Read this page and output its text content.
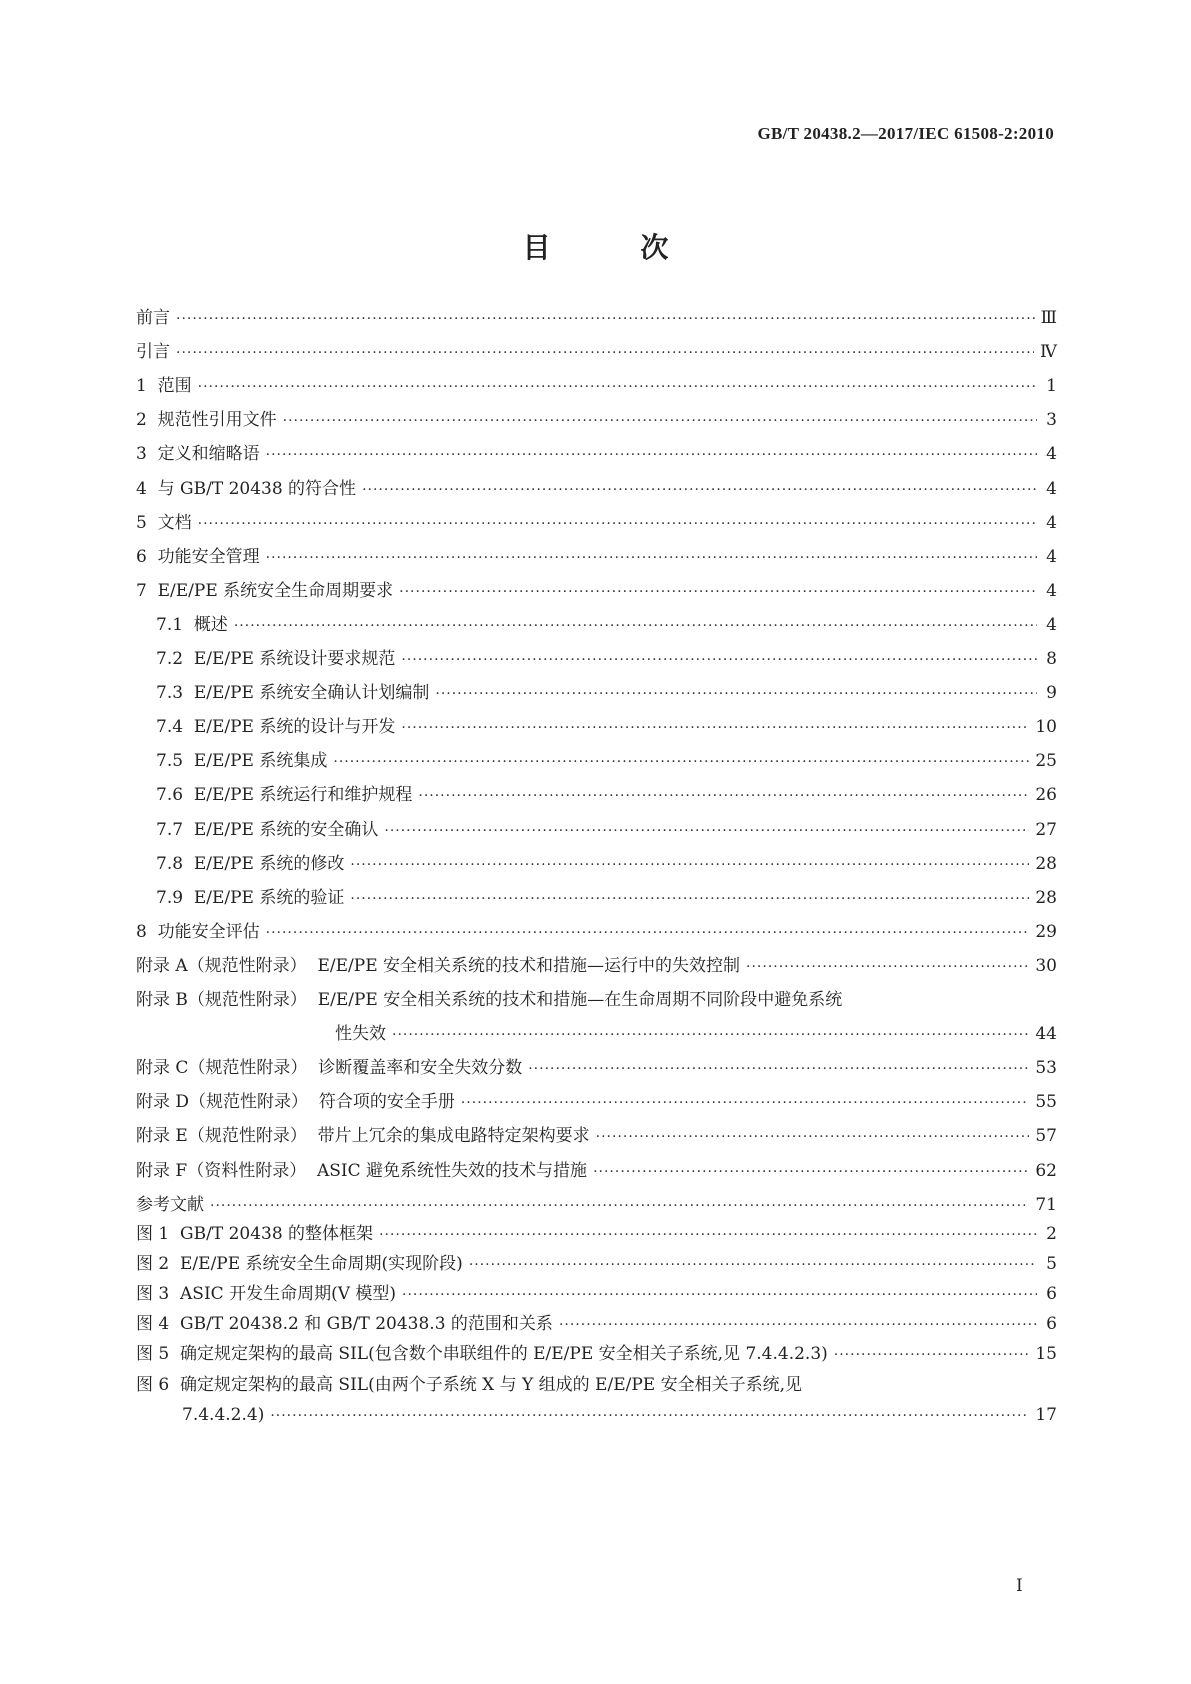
GB/T 20438.2—2017/IEC 61508-2:2010
目 次
前言 ·····	Ⅲ
引言 ·····	Ⅳ
1  范围 ·····	1
2  规范性引用文件 ·····	3
3  定义和缩略语 ·····	4
4  与 GB/T 20438 的符合性 ·····	4
5  文档 ·····	4
6  功能安全管理 ·····	4
7  E/E/PE 系统安全生命周期要求 ·····	4
7.1  概述 ·····	4
7.2  E/E/PE 系统设计要求规范 ·····	8
7.3  E/E/PE 系统安全确认计划编制 ·····	9
7.4  E/E/PE 系统的设计与开发 ·····	10
7.5  E/E/PE 系统集成 ·····	25
7.6  E/E/PE 系统运行和维护规程 ·····	26
7.7  E/E/PE 系统的安全确认 ·····	27
7.8  E/E/PE 系统的修改 ·····	28
7.9  E/E/PE 系统的验证 ·····	28
8  功能安全评估 ·····	29
附录 A（规范性附录）  E/E/PE 安全相关系统的技术和措施—运行中的失效控制 ·····	30
附录 B（规范性附录）  E/E/PE 安全相关系统的技术和措施—在生命周期不同阶段中避免系统
性失效 ·····	44
附录 C（规范性附录）  诊断覆盖率和安全失效分数 ·····	53
附录 D（规范性附录）  符合项的安全手册 ·····	55
附录 E（规范性附录）  带片上冗余的集成电路特定架构要求 ·····	57
附录 F（资料性附录）  ASIC 避免系统性失效的技术与措施 ·····	62
参考文献 ·····	71
图 1  GB/T 20438 的整体框架 ·····	2
图 2  E/E/PE 系统安全生命周期(实现阶段) ·····	5
图 3  ASIC 开发生命周期(V 模型) ·····	6
图 4  GB/T 20438.2 和 GB/T 20438.3 的范围和关系 ·····	6
图 5  确定规定架构的最高 SIL(包含数个串联组件的 E/E/PE 安全相关子系统,见 7.4.4.2.3) ·····	15
图 6  确定规定架构的最高 SIL(由两个子系统 X 与 Y 组成的 E/E/PE 安全相关子系统,见
7.4.4.2.4) ·····	17
I
